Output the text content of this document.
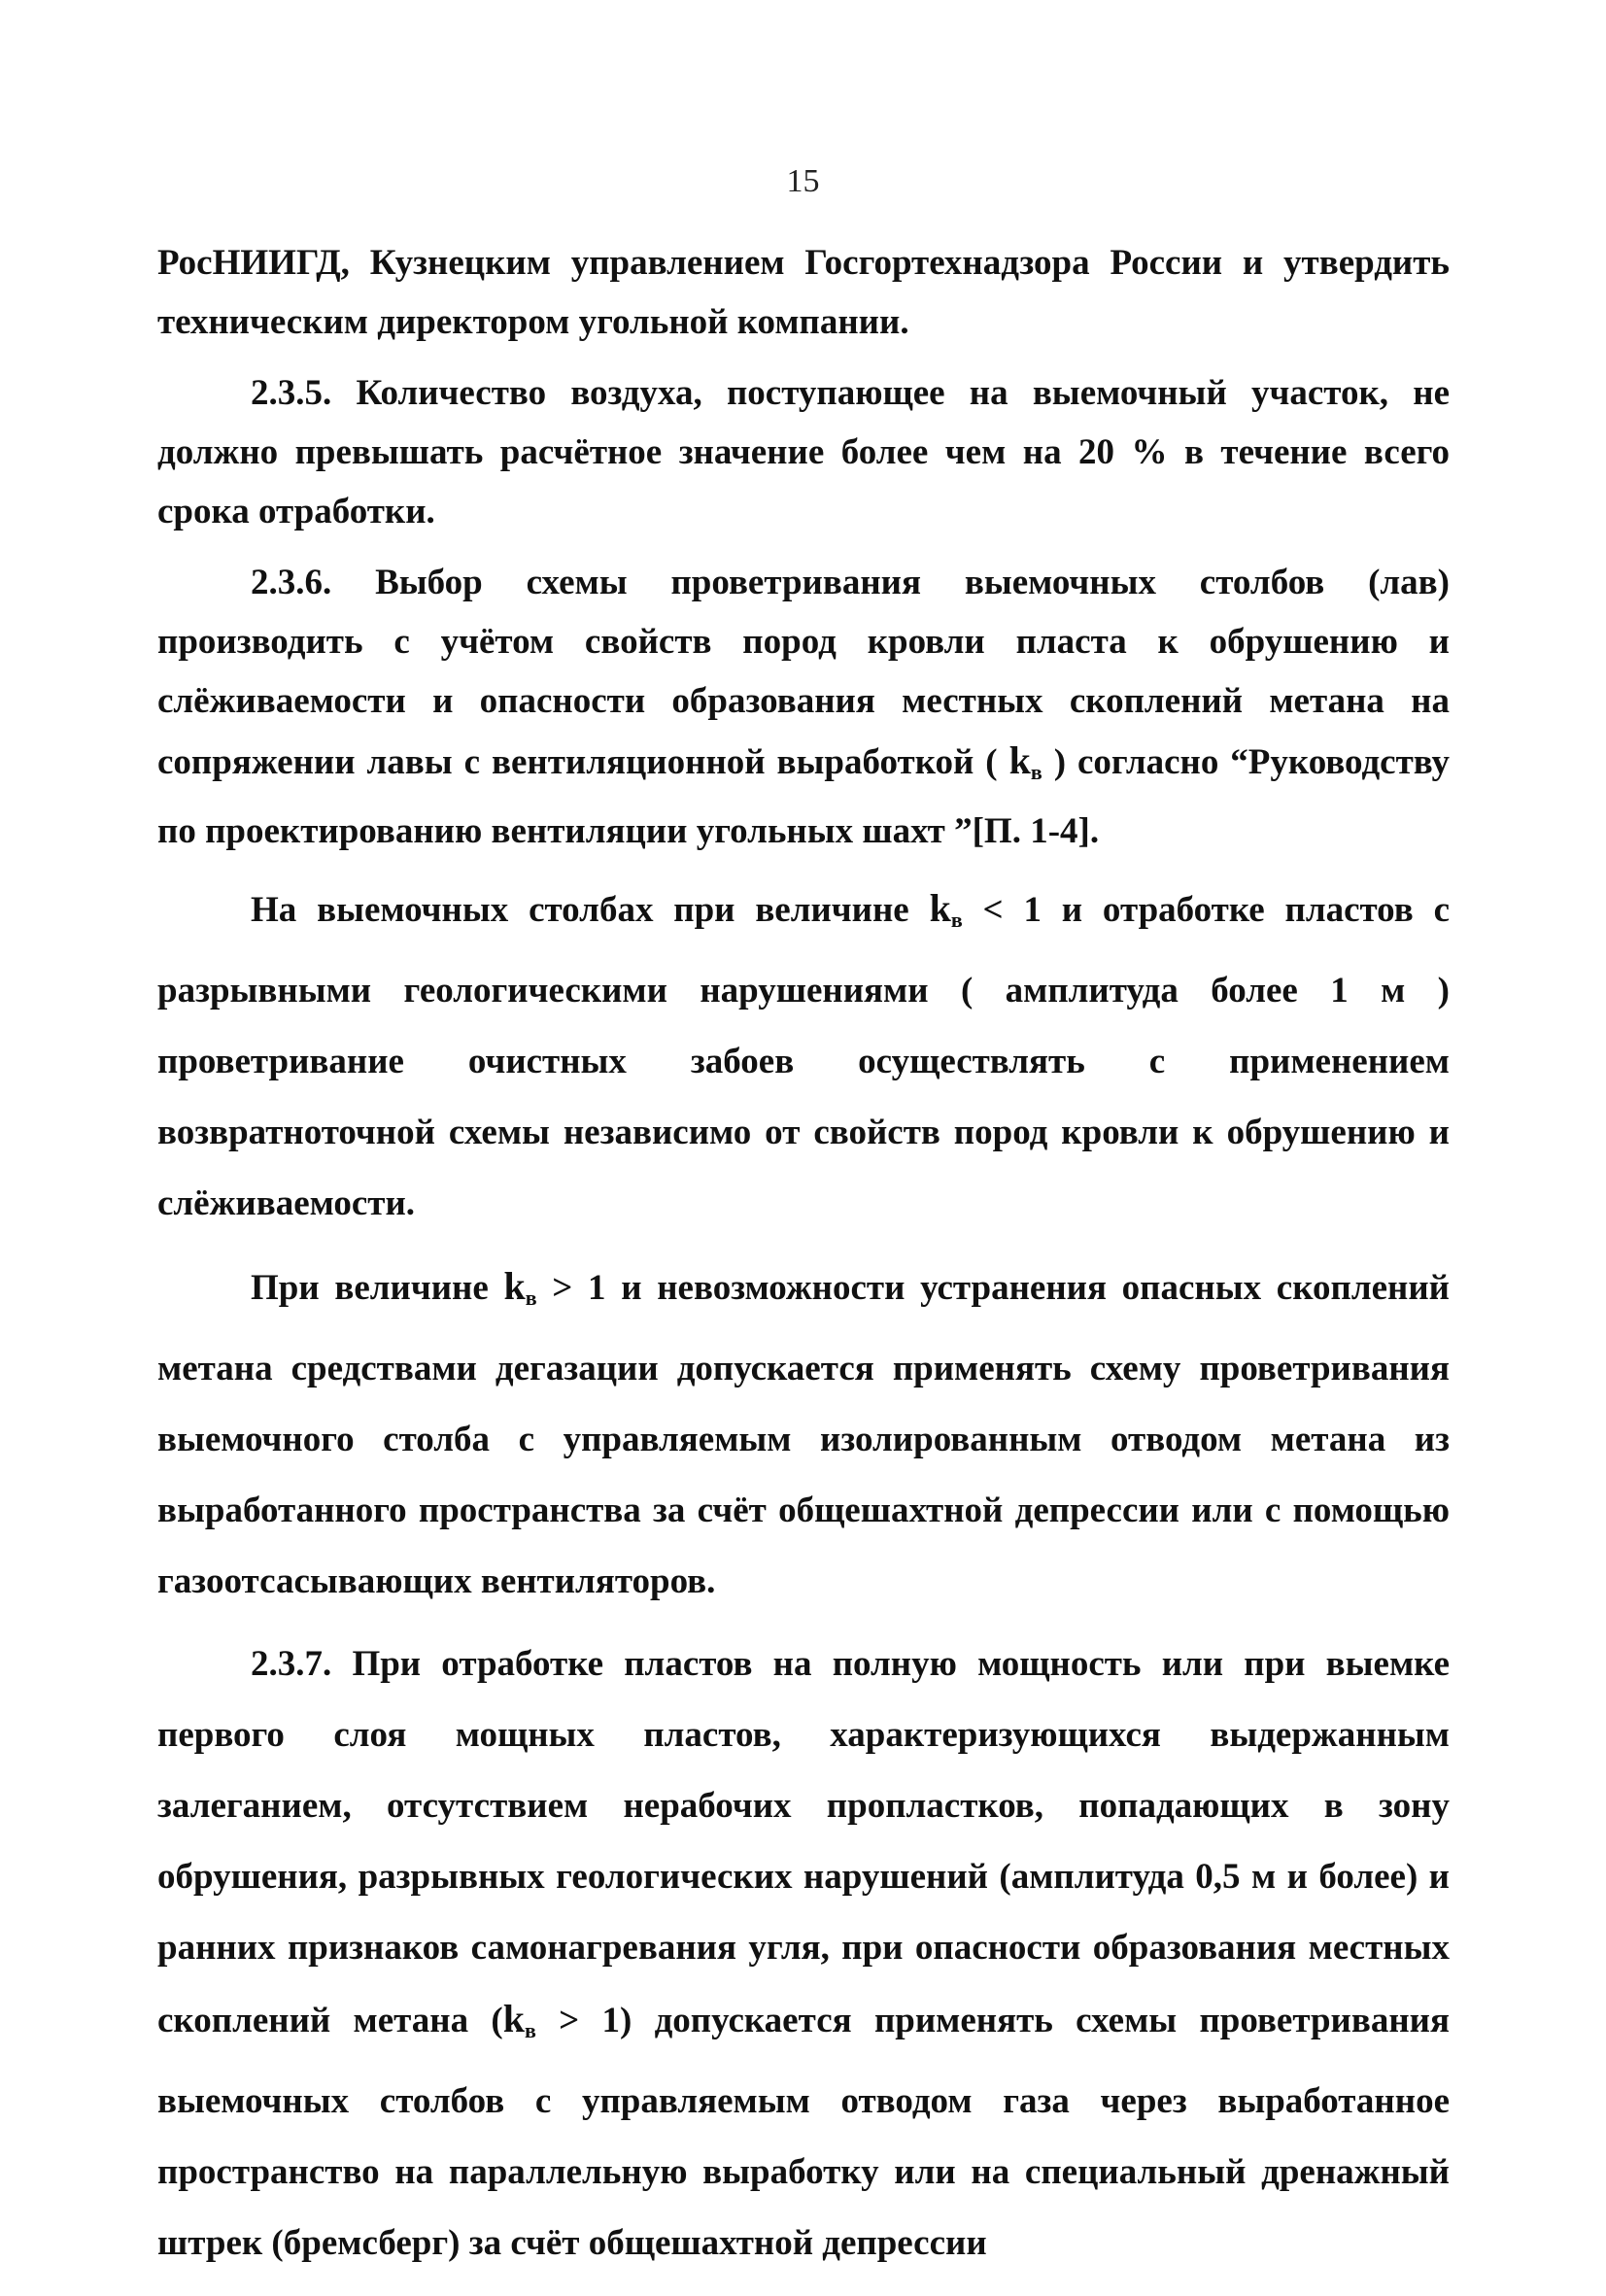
15

РосНИИГД, Кузнецким управлением Госгортехнадзора России и утвердить техническим директором угольной компании.

2.3.5. Количество воздуха, поступающее на выемочный участок, не должно превышать расчётное значение более чем на 20 % в течение всего срока отработки.

2.3.6. Выбор схемы проветривания выемочных столбов (лав) производить с учётом свойств пород кровли пласта к обрушению и слёживаемости и опасности образования местных скоплений метана на сопряжении лавы с вентиляционной выработкой ( $k_в$ ) согласно “Руководству по проектированию вентиляции угольных шахт ”[П. 1-4].

На выемочных столбах при величине $k_в < 1$ и отработке пластов с разрывными геологическими нарушениями ( амплитуда более 1 м ) проветривание очистных забоев осуществлять с применением возвратноточной схемы независимо от свойств пород кровли к обрушению и слёживаемости.

При величине $k_в > 1$ и невозможности устранения опасных скоплений метана средствами дегазации допускается применять схему проветривания выемочного столба с управляемым изолированным отводом метана из выработанного пространства за счёт общешахтной депрессии или с помощью газоотсасывающих вентиляторов.

2.3.7. При отработке пластов на полную мощность или при выемке первого слоя мощных пластов, характеризующихся выдержанным залеганием, отсутствием нерабочих пропластков, попадающих в зону обрушения, разрывных геологических нарушений (амплитуда 0,5 м и более) и ранних признаков самонагревания угля, при опасности образования местных скоплений метана $(k_в > 1)$ допускается применять схемы проветривания выемочных столбов с управляемым отводом газа через выработанное пространство на параллельную выработку или на специальный дренажный штрек (бремсберг) за счёт общешахтной депрессии
